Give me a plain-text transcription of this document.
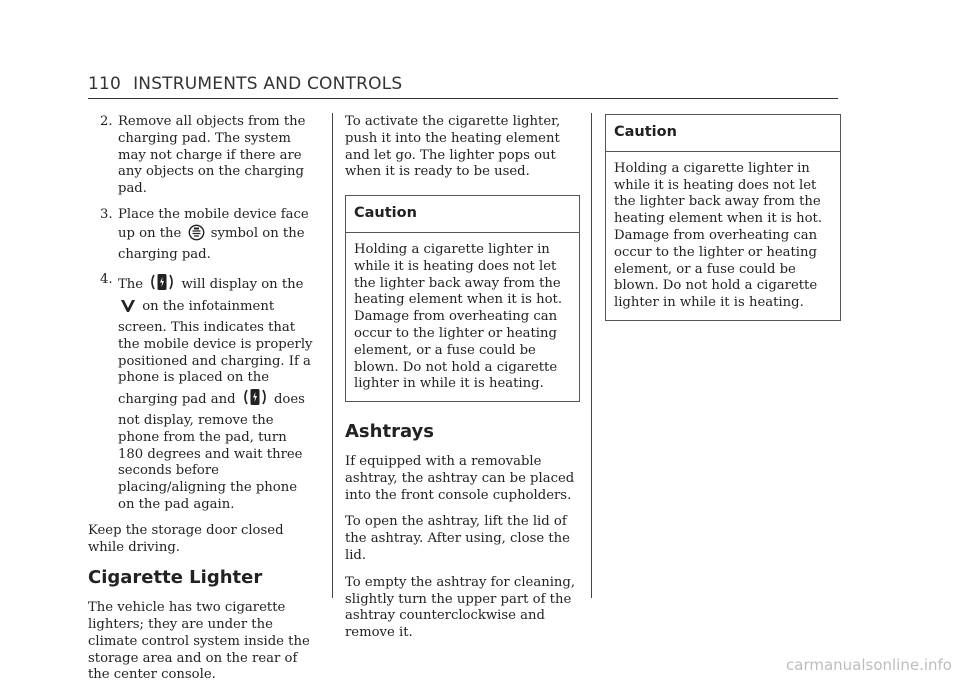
110 INSTRUMENTS AND CONTROLS
2. Remove all objects from the charging pad. The system may not charge if there are any objects on the charging pad.
3. Place the mobile device face up on the symbol on the charging pad.
4. The	will display on the  on the infotainment screen. This indicates that the mobile device is properly positioned and charging. If a phone is placed on the charging pad and	does not display, remove the phone from the pad, turn 180 degrees and wait three seconds before placing/aligning the phone on the pad again.

Keep the storage door closed while driving.

Cigarette Lighter

The vehicle has two cigarette lighters; they are under the climate control system inside the storage area and on the rear of the center console.

To activate the cigarette lighter, push it into the heating element and let go. The lighter pops out when it is ready to be used.

Caution
Holding a cigarette lighter in while it is heating does not let the lighter back away from the heating element when it is hot. Damage from overheating can occur to the lighter or heating element, or a fuse could be blown. Do not hold a cigarette lighter in while it is heating.
Ashtrays

If equipped with a removable ashtray, the ashtray can be placed into the front console cupholders.

To open the ashtray, lift the lid of the ashtray. After using, close the lid.

To empty the ashtray for cleaning, slightly turn the upper part of the ashtray counterclockwise and remove it.

Caution
Holding a cigarette lighter in while it is heating does not let the lighter back away from the heating element when it is hot. Damage from overheating can occur to the lighter or heating element, or a fuse could be blown. Do not hold a cigarette lighter in while it is heating.
carmanualsonline.info
